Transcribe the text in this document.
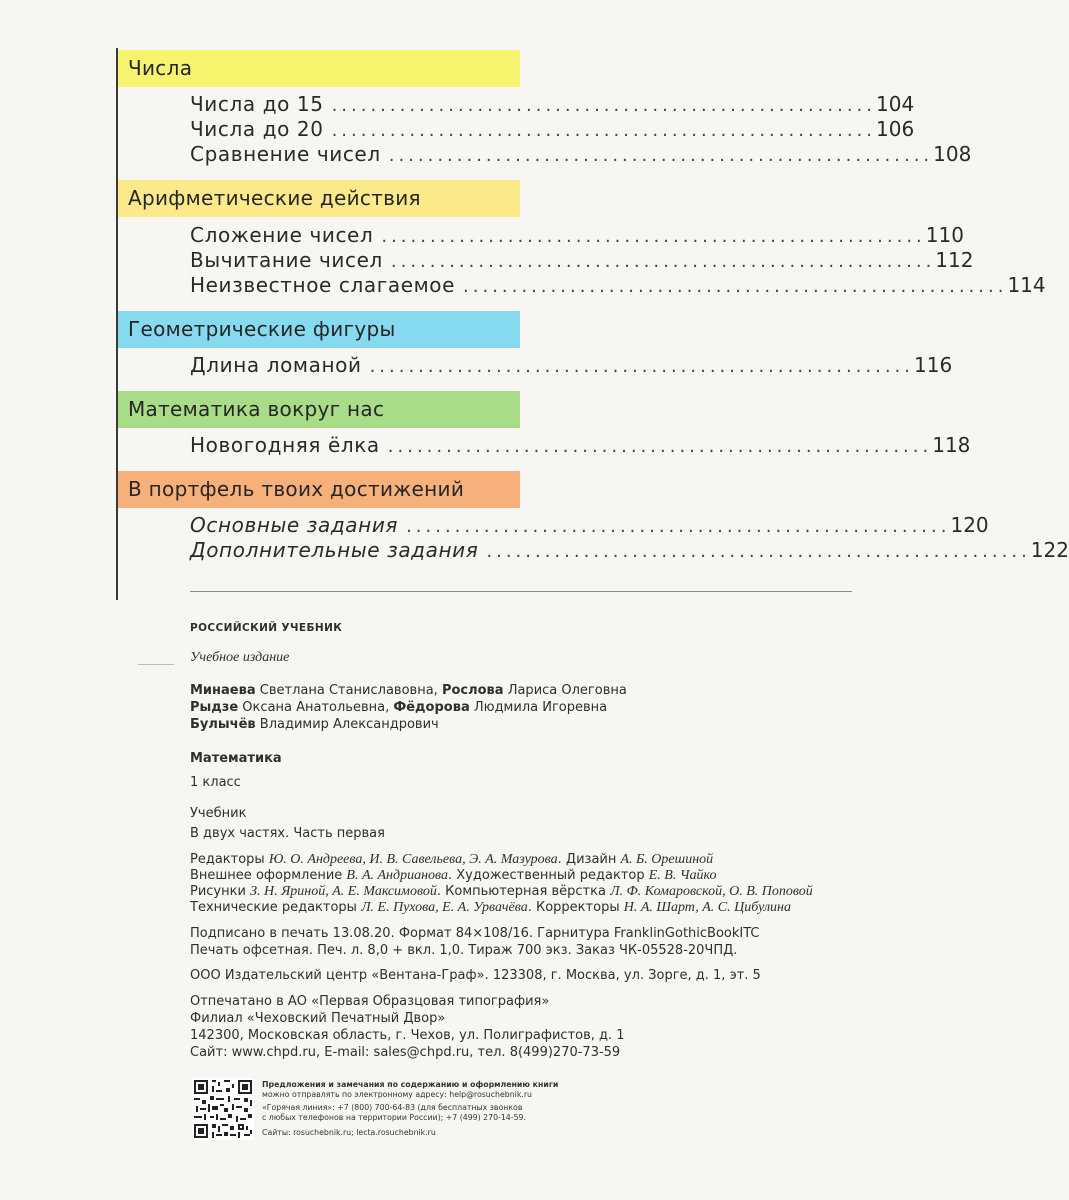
Числа
Числа до 15 ........................................................ 104
Числа до 20 ........................................................ 106
Сравнение чисел ........................................................ 108
Арифметические действия
Сложение чисел ........................................................ 110
Вычитание чисел ........................................................ 112
Неизвестное слагаемое ........................................................ 114
Геометрические фигуры
Длина ломаной ........................................................ 116
Математика вокруг нас
Новогодняя ёлка ........................................................ 118
В портфель твоих достижений
Основные задания ........................................................ 120
Дополнительные задания ........................................................ 122
РОССИЙСКИЙ УЧЕБНИК
Учебное издание
Минаева Светлана Станиславовна, Рослова Лариса Олеговна
Рыдзе Оксана Анатольевна, Фёдорова Людмила Игоревна
Булычёв Владимир Александрович
Математика
1 класс
Учебник
В двух частях. Часть первая
Редакторы Ю. О. Андреева, И. В. Савельева, Э. А. Мазурова. Дизайн А. Б. Орешиной
Внешнее оформление В. А. Андрианова. Художественный редактор Е. В. Чайко
Рисунки З. Н. Яриной, А. Е. Максимовой. Компьютерная вёрстка Л. Ф. Комаровской, О. В. Поповой
Технические редакторы Л. Е. Пухова, Е. А. Урвачёва. Корректоры Н. А. Шарт, А. С. Цибулина
Подписано в печать 13.08.20. Формат 84×108/16. Гарнитура FranklinGothicBookITC
Печать офсетная. Печ. л. 8,0 + вкл. 1,0. Тираж 700 экз. Заказ ЧК-05528-20ЧПД.
ООО Издательский центр «Вентана-Граф». 123308, г. Москва, ул. Зорге, д. 1, эт. 5
Отпечатано в АО «Первая Образцовая типография»
Филиал «Чеховский Печатный Двор»
142300, Московская область, г. Чехов, ул. Полиграфистов, д. 1
Сайт: www.chpd.ru, E-mail: sales@chpd.ru, тел. 8(499)270-73-59
Предложения и замечания по содержанию и оформлению книги
можно отправлять по электронному адресу: help@rosuchebnik.ru
«Горячая линия»: +7 (800) 700-64-83 (для бесплатных звонков
с любых телефонов на территории России); +7 (499) 270-14-59.
Сайты: rosuchebnik.ru; lecta.rosuchebnik.ru
